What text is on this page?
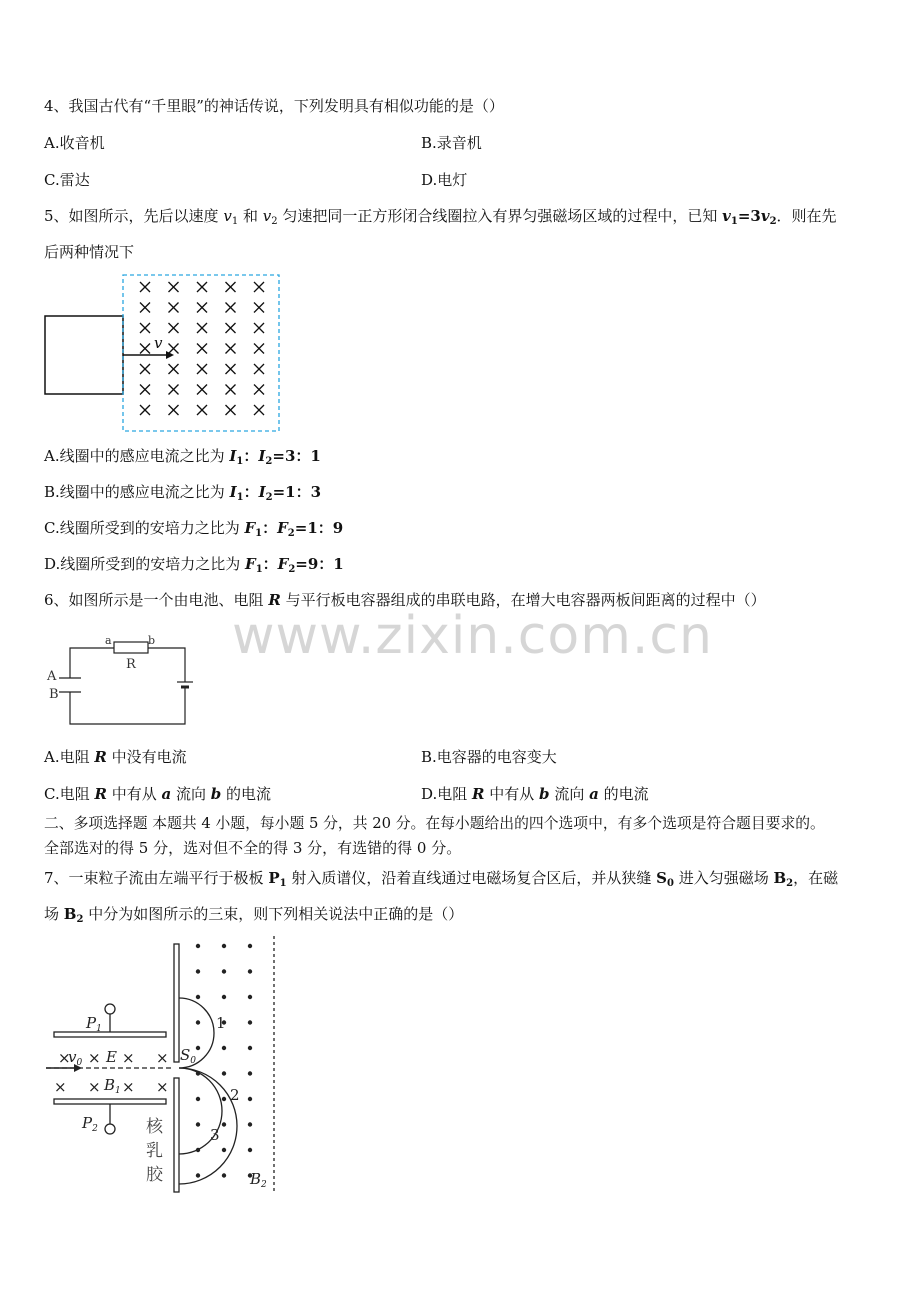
www.zixin.com.cn
4、我国古代有“千里眼”的神话传说，下列发明具有相似功能的是（）
A.收音机	B.录音机
C.雷达	D.电灯
5、如图所示，先后以速度 $v_1$ 和 $v_2$ 匀速把同一正方形闭合线圈拉入有界匀强磁场区域的过程中，已知 $v_1=3v_2$．则在先
后两种情况下
v
A.线圈中的感应电流之比为 $I_1$：$I_2=3$：1
B.线圈中的感应电流之比为 $I_1$：$I_2=1$：3
C.线圈所受到的安培力之比为 $F_1$：$F_2=1$：9
D.线圈所受到的安培力之比为 $F_1$：$F_2=9$：1
6、如图所示是一个由电池、电阻 R 与平行板电容器组成的串联电路，在增大电容器两板间距离的过程中（）
a	b
R
A
B
A.电阻 R 中没有电流	B.电容器的电容变大
C.电阻 R 中有从 a 流向 b 的电流	D.电阻 R 中有从 b 流向 a 的电流
二、多项选择题 本题共 4 小题，每小题 5 分，共 20 分。在每小题给出的四个选项中，有多个选项是符合题目要求的。
全部选对的得 5 分，选对但不全的得 3 分，有选错的得 0 分。
7、一束粒子流由左端平行于极板 $P_1$ 射入质谱仪，沿着直线通过电磁场复合区后，并从狭缝 $S_0$ 进入匀强磁场 $B_2$，在磁
场 $B_2$ 中分为如图所示的三束，则下列相关说法中正确的是（）
× × × ×
× × × ×
$P_1$
$P_2$
$v_0$ E
$B_1$
$S_0$
$B_2$
1
2
3
核
乳
胶
